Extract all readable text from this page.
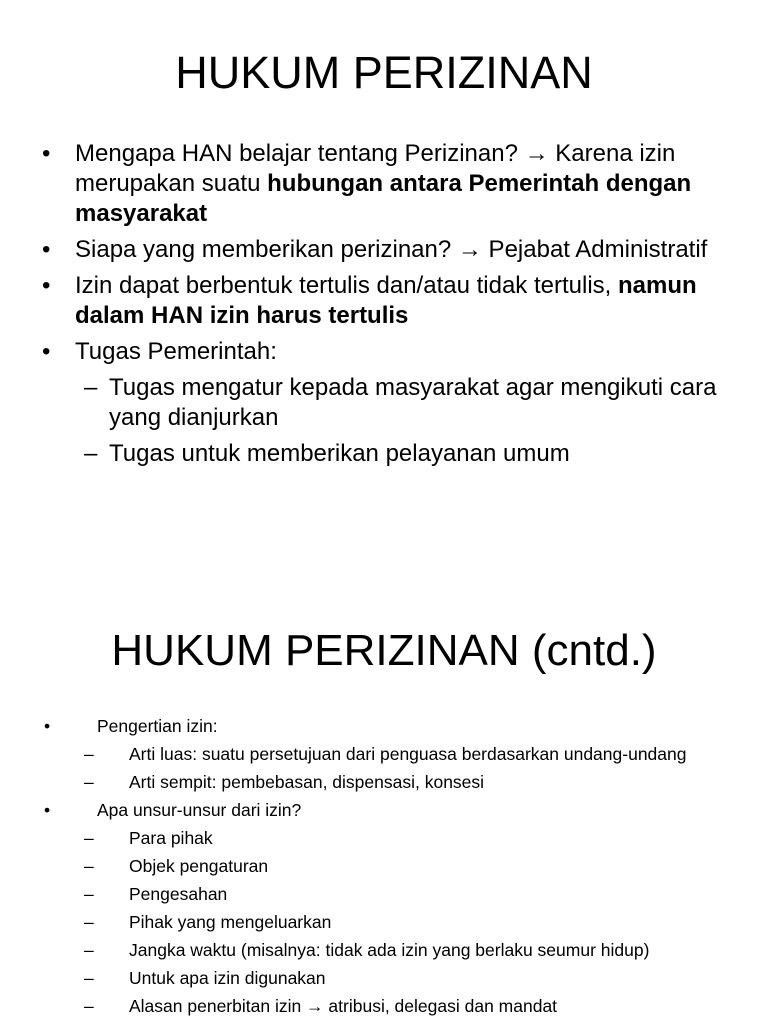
HUKUM PERIZINAN
• Mengapa HAN belajar tentang Perizinan? → Karena izin merupakan suatu hubungan antara Pemerintah dengan masyarakat
• Siapa yang memberikan perizinan? → Pejabat Administratif
• Izin dapat berbentuk tertulis dan/atau tidak tertulis, namun dalam HAN izin harus tertulis
• Tugas Pemerintah:
– Tugas mengatur kepada masyarakat agar mengikuti cara yang dianjurkan
– Tugas untuk memberikan pelayanan umum
HUKUM PERIZINAN (cntd.)
•	Pengertian izin:
– Arti luas: suatu persetujuan dari penguasa berdasarkan undang-undang
– Arti sempit: pembebasan, dispensasi, konsesi
•	Apa unsur-unsur dari izin?
– Para pihak
– Objek pengaturan
– Pengesahan
– Pihak yang mengeluarkan
– Jangka waktu (misalnya: tidak ada izin yang berlaku seumur hidup)
– Untuk apa izin digunakan
– Alasan penerbitan izin → atribusi, delegasi dan mandat
